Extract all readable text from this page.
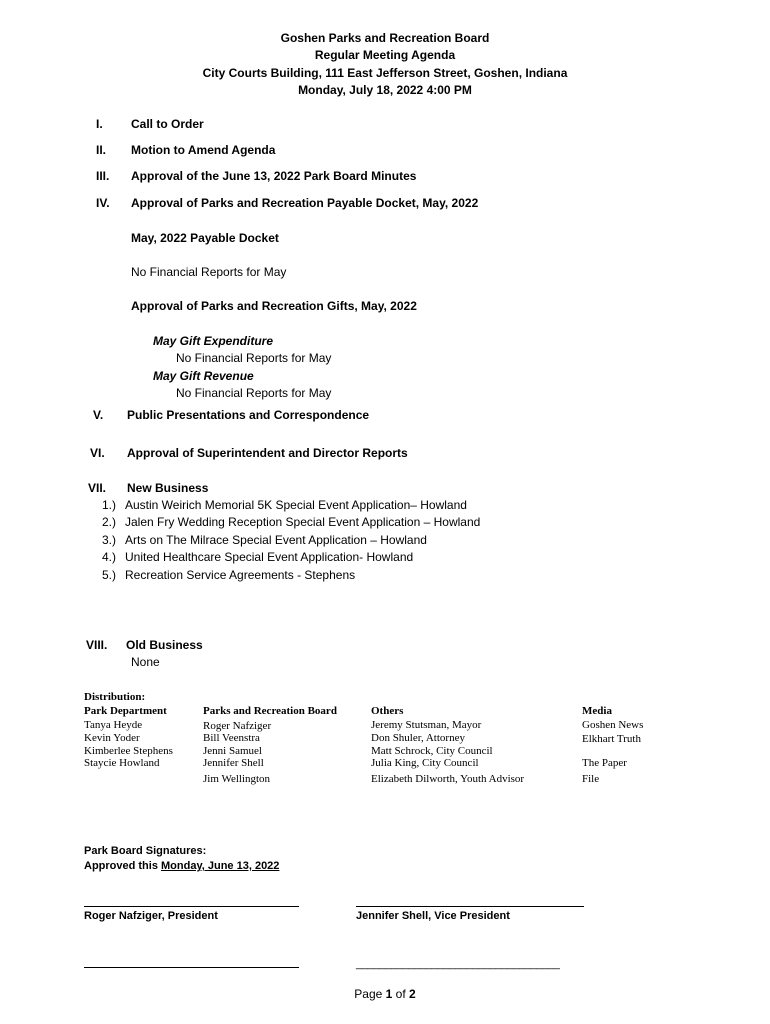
Goshen Parks and Recreation Board
Regular Meeting Agenda
City Courts Building, 111 East Jefferson Street, Goshen, Indiana
Monday, July 18, 2022 4:00 PM
I. Call to Order
II. Motion to Amend Agenda
III. Approval of the June 13, 2022 Park Board Minutes
IV. Approval of Parks and Recreation Payable Docket, May, 2022
May, 2022 Payable Docket
No Financial Reports for May
Approval of Parks and Recreation Gifts, May, 2022
May Gift Expenditure
No Financial Reports for May
May Gift Revenue
No Financial Reports for May
V. Public Presentations and Correspondence
VI. Approval of Superintendent and Director Reports
VII. New Business
1.) Austin Weirich Memorial 5K Special Event Application– Howland
2.) Jalen Fry Wedding Reception Special Event Application – Howland
3.) Arts on The Milrace Special Event Application – Howland
4.) United Healthcare Special Event Application- Howland
5.) Recreation Service Agreements - Stephens
VIII. Old Business
None
Distribution:
Park Department
Tanya Heyde
Kevin Yoder
Kimberlee Stephens
Staycie Howland
Parks and Recreation Board
Roger Nafziger
Bill Veenstra
Jenni Samuel
Jennifer Shell
Jim Wellington
Others
Jeremy Stutsman, Mayor
Don Shuler, Attorney
Matt Schrock, City Council
Julia King, City Council
Elizabeth Dilworth, Youth Advisor
Media
Goshen News
Elkhart Truth
The Paper
File
Park Board Signatures:
Approved this Monday, June 13, 2022
Roger Nafziger, President	Jennifer Shell, Vice President
___________________________________
Page 1 of 2
